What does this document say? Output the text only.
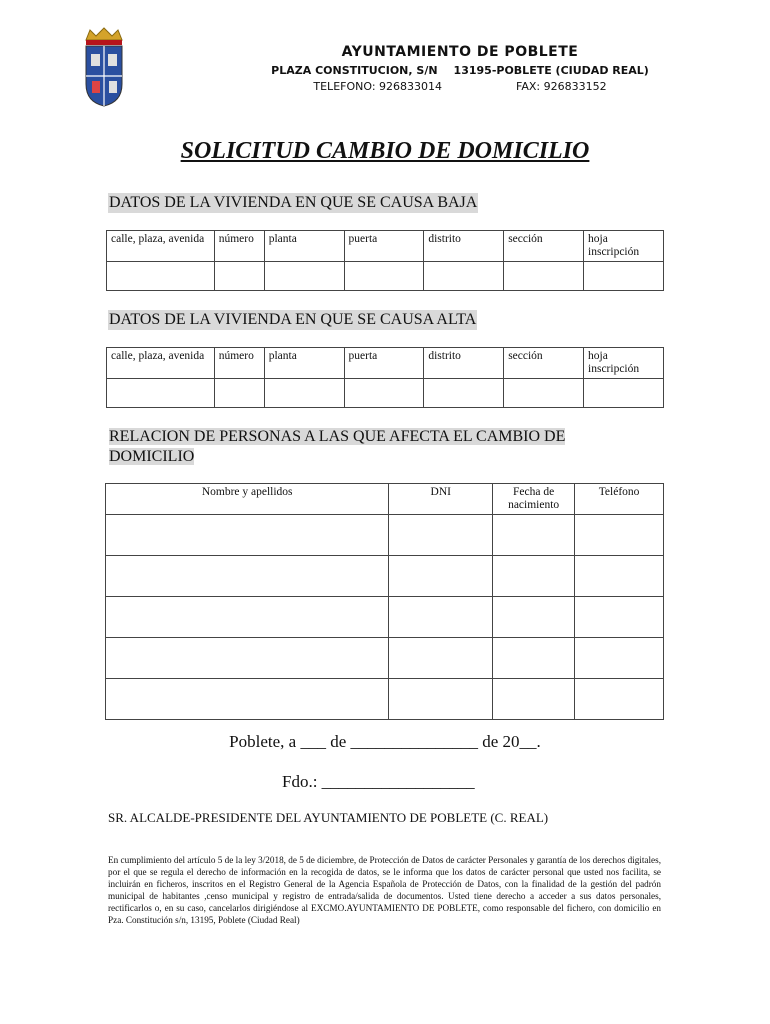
AYUNTAMIENTO DE POBLETE
PLAZA CONSTITUCION, S/N 13195-POBLETE (CIUDAD REAL)
TELEFONO: 926833014	FAX: 926833152
SOLICITUD CAMBIO DE DOMICILIO
DATOS DE LA VIVIENDA EN QUE SE CAUSA BAJA
calle, plaza, avenida	número	planta	puerta	distrito	sección	hoja inscripción

DATOS DE LA VIVIENDA EN QUE SE CAUSA ALTA
calle, plaza, avenida	número	planta	puerta	distrito	sección	hoja inscripción

RELACION DE PERSONAS A LAS QUE AFECTA EL CAMBIO DE
DOMICILIO
Nombre y apellidos	DNI	Fecha de nacimiento	Teléfono

Poblete, a ___ de _______________ de 20__.
Fdo.: __________________
SR. ALCALDE-PRESIDENTE DEL AYUNTAMIENTO DE POBLETE (C. REAL)
En cumplimiento del artículo 5 de la ley 3/2018, de 5 de diciembre, de Protección de Datos de carácter Personales y garantía de los derechos digitales, por el que se regula el derecho de información en la recogida de datos, se le informa que los datos de carácter personal que usted nos facilita, se incluirán en ficheros, inscritos en el Registro General de la Agencia Española de Protección de Datos, con la finalidad de la gestión del padrón municipal de habitantes ,censo municipal y registro de entrada/salida de documentos. Usted tiene derecho a acceder a sus datos personales, rectificarlos o, en su caso, cancelarlos dirigiéndose al EXCMO.AYUNTAMIENTO DE POBLETE, como responsable del fichero, con domicilio en Pza. Constitución s/n, 13195, Poblete (Ciudad Real)
